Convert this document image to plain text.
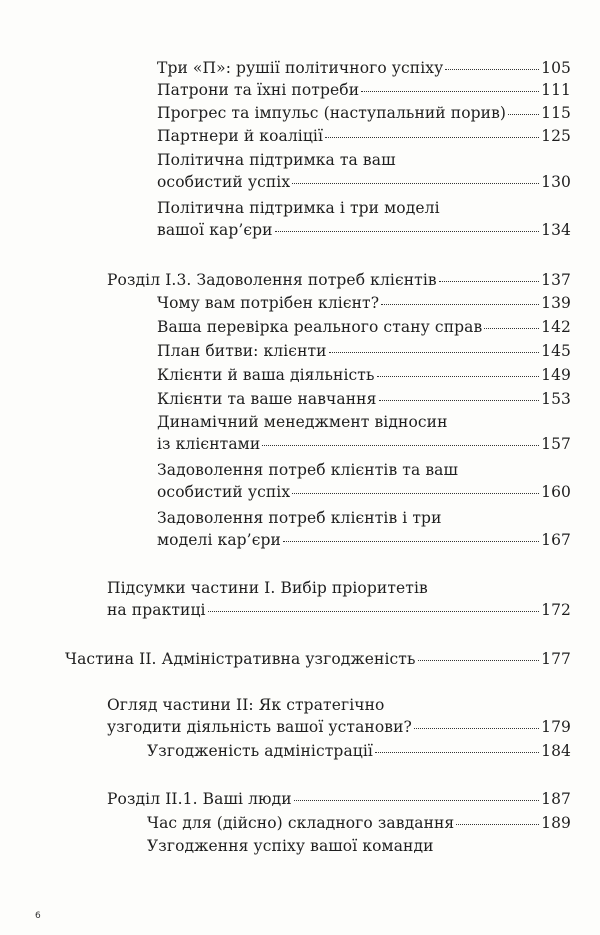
Три «П»: рушії політичного успіху	105
Патрони та їхні потреби	111
Прогрес та імпульс (наступальний порив) 115
Партнери й коаліції	125
Політична підтримка та ваш
особистий успіх	130
Політична підтримка і три моделі
вашої кар’єри	134
Розділ І.3. Задоволення потреб клієнтів	137
Чому вам потрібен клієнт?	139
Ваша перевірка реального стану справ	142
План битви: клієнти	145
Клієнти й ваша діяльність	149
Клієнти та ваше навчання	153
Динамічний менеджмент відносин
із клієнтами	157
Задоволення потреб клієнтів та ваш
особистий успіх	160
Задоволення потреб клієнтів і три
моделі кар’єри	167
Підсумки частини І. Вибір пріоритетів
на практиці	172
Частина ІІ. Адміністративна узгодженість	177
Огляд частини ІІ: Як стратегічно
узгодити діяльність вашої установи?	179
Узгодженість адміністрації	184
Розділ ІІ.1. Ваші люди	187
Час для (дійсно) складного завдання	189
Узгодження успіху вашої команди
6
